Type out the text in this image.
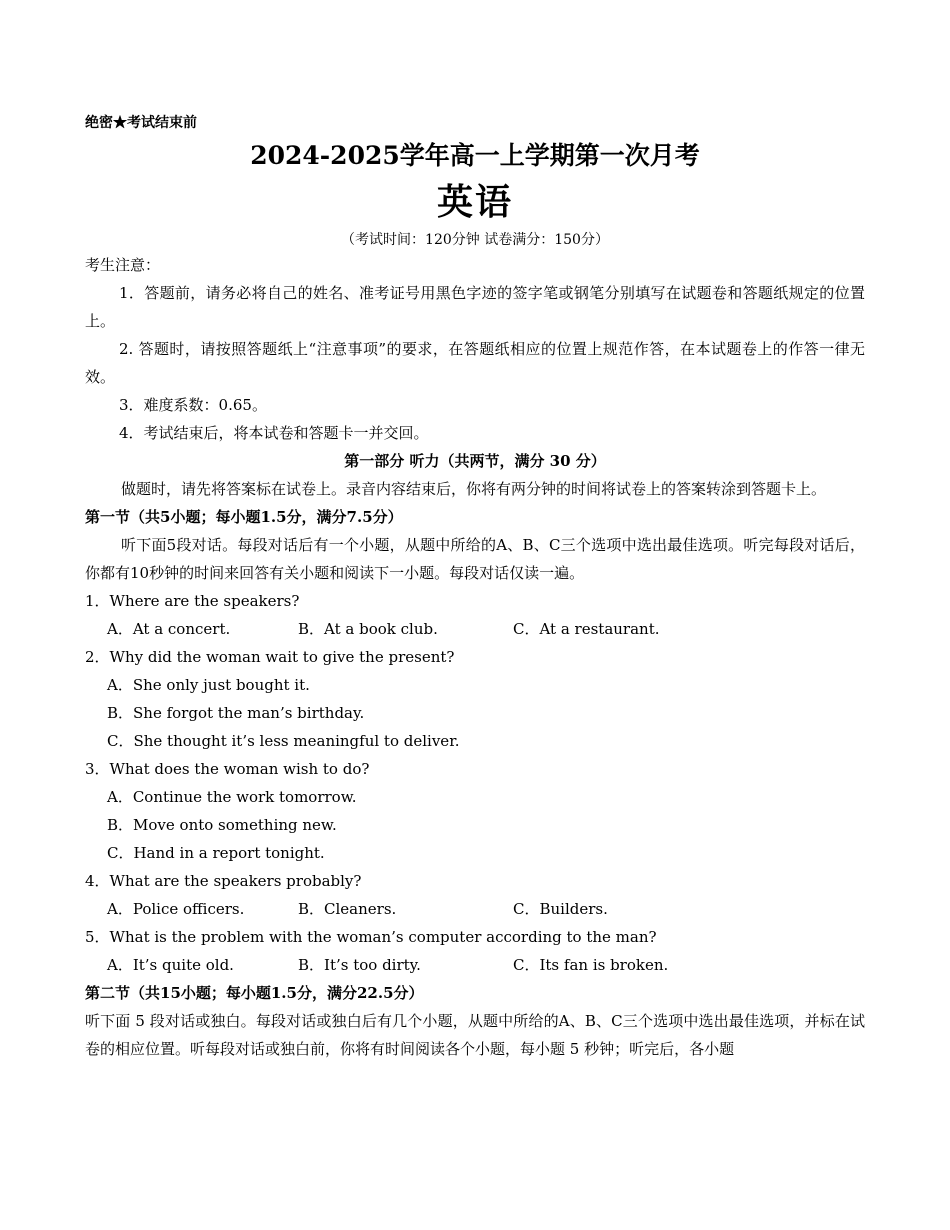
绝密★考试结束前
2024-2025学年高一上学期第一次月考
英语
（考试时间：120分钟 试卷满分：150分）
考生注意：
1．答题前，请务必将自己的姓名、准考证号用黑色字迹的签字笔或钢笔分别填写在试题卷和答题纸规定的位置上。
2. 答题时，请按照答题纸上“注意事项”的要求，在答题纸相应的位置上规范作答，在本试题卷上的作答一律无效。
3．难度系数：0.65。
4．考试结束后，将本试卷和答题卡一并交回。
第一部分 听力（共两节，满分 30 分）
做题时，请先将答案标在试卷上。录音内容结束后，你将有两分钟的时间将试卷上的答案转涂到答题卡上。
第一节（共5小题；每小题1.5分，满分7.5分）
听下面5段对话。每段对话后有一个小题，从题中所给的A、B、C三个选项中选出最佳选项。听完每段对话后，你都有10秒钟的时间来回答有关小题和阅读下一小题。每段对话仅读一遍。
1．Where are the speakers?
A．At a concert.	B．At a book club.	C．At a restaurant.
2．Why did the woman wait to give the present?
A．She only just bought it.
B．She forgot the man’s birthday.
C．She thought it’s less meaningful to deliver.
3．What does the woman wish to do?
A．Continue the work tomorrow.
B．Move onto something new.
C．Hand in a report tonight.
4．What are the speakers probably?
A．Police officers.	B．Cleaners.	C．Builders.
5．What is the problem with the woman’s computer according to the man?
A．It’s quite old.	B．It’s too dirty.	C．Its fan is broken.
第二节（共15小题；每小题1.5分，满分22.5分）
听下面 5 段对话或独白。每段对话或独白后有几个小题，从题中所给的A、B、C三个选项中选出最佳选项，并标在试卷的相应位置。听每段对话或独白前，你将有时间阅读各个小题，每小题 5 秒钟；听完后，各小题
